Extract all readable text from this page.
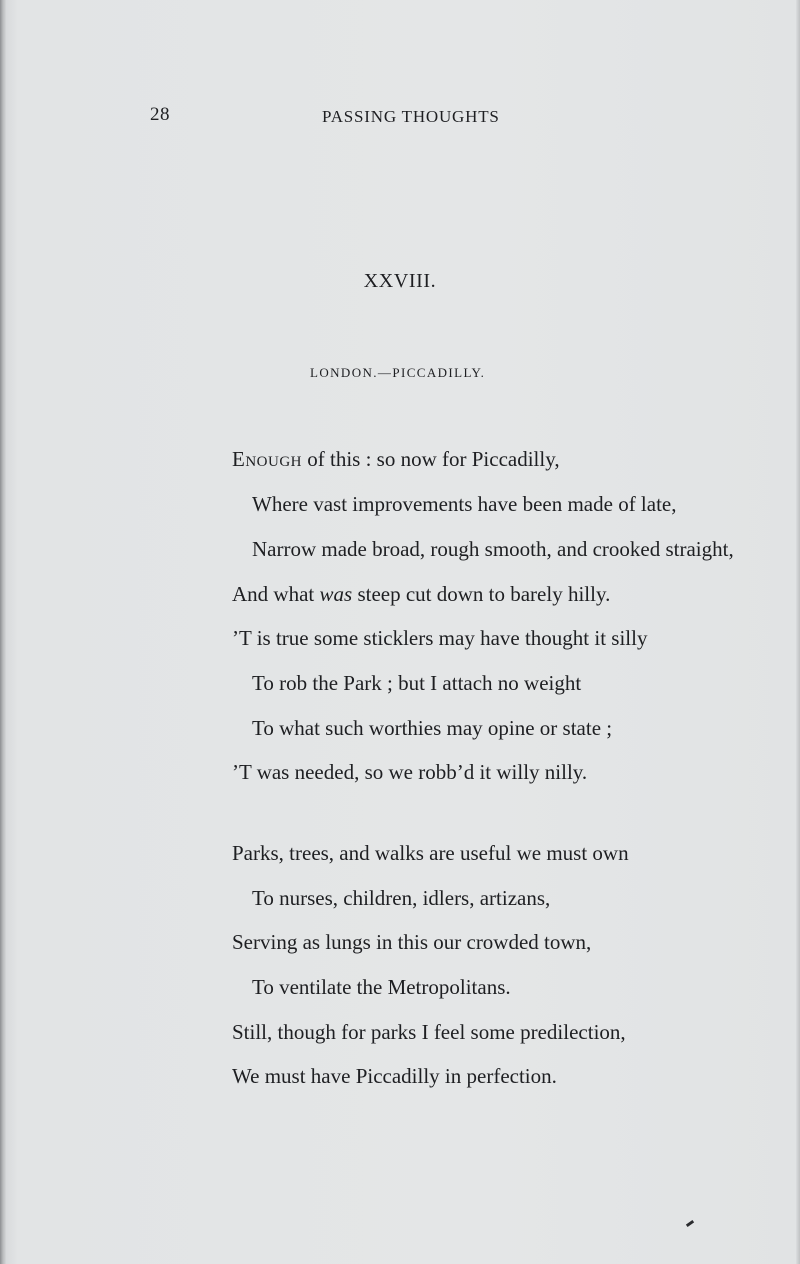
28	PASSING THOUGHTS
XXVIII.
LONDON.—PICCADILLY.
Enough of this : so now for Piccadilly,
Where vast improvements have been made of late,
Narrow made broad, rough smooth, and crooked straight,
And what was steep cut down to barely hilly.
’T is true some sticklers may have thought it silly
To rob the Park ; but I attach no weight
To what such worthies may opine or state ;
’T was needed, so we robb’d it willy nilly.
Parks, trees, and walks are useful we must own
To nurses, children, idlers, artizans,
Serving as lungs in this our crowded town,
To ventilate the Metropolitans.
Still, though for parks I feel some predilection,
We must have Piccadilly in perfection.
